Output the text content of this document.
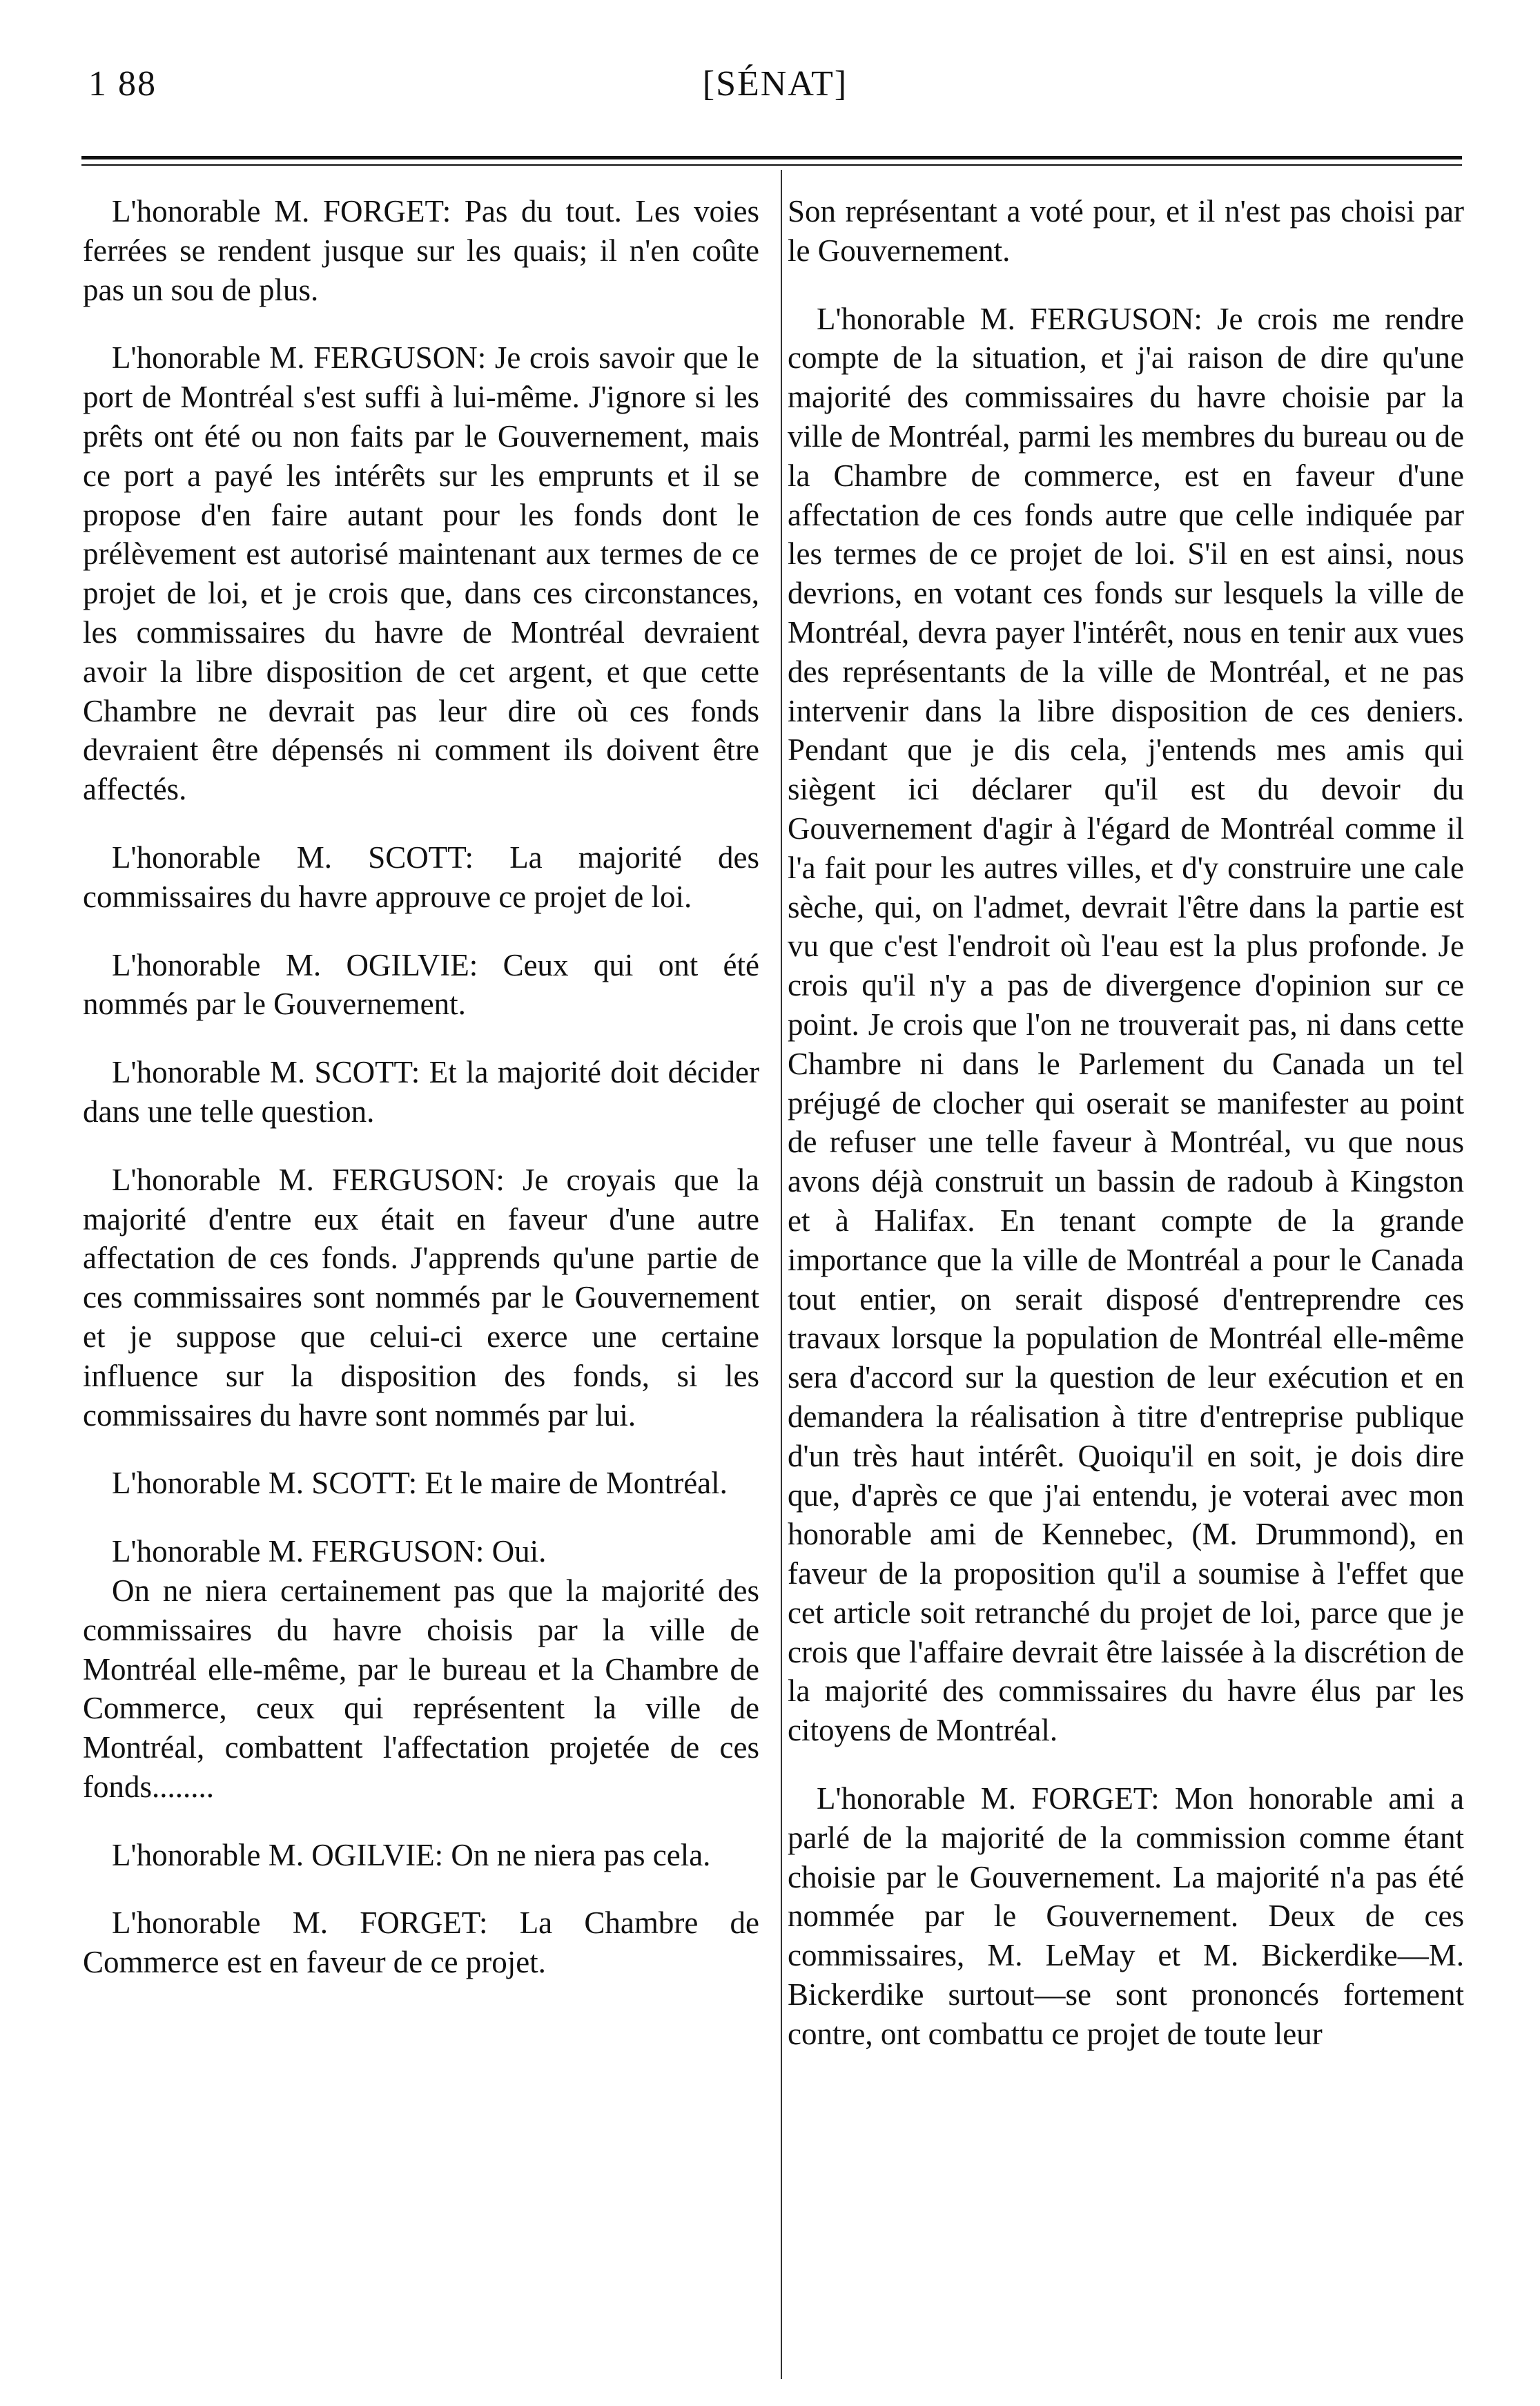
1 88	[SÉNAT]

L'honorable M. FORGET: Pas du tout. Les voies ferrées se rendent jusque sur les quais; il n'en coûte pas un sou de plus.

L'honorable M. FERGUSON: Je crois savoir que le port de Montréal s'est suffi à lui-même. J'ignore si les prêts ont été ou non faits par le Gouvernement, mais ce port a payé les intérêts sur les emprunts et il se propose d'en faire autant pour les fonds dont le prélèvement est autorisé maintenant aux termes de ce projet de loi, et je crois que, dans ces circonstances, les commissaires du havre de Montréal devraient avoir la libre disposition de cet argent, et que cette Chambre ne devrait pas leur dire où ces fonds devraient être dépensés ni comment ils doivent être affectés.

L'honorable M. SCOTT: La majorité des commissaires du havre approuve ce projet de loi.

L'honorable M. OGILVIE: Ceux qui ont été nommés par le Gouvernement.

L'honorable M. SCOTT: Et la majorité doit décider dans une telle question.

L'honorable M. FERGUSON: Je croyais que la majorité d'entre eux était en faveur d'une autre affectation de ces fonds. J'apprends qu'une partie de ces commissaires sont nommés par le Gouvernement et je suppose que celui-ci exerce une certaine influence sur la disposition des fonds, si les commissaires du havre sont nommés par lui.

L'honorable M. SCOTT: Et le maire de Montréal.

L'honorable M. FERGUSON: Oui.

On ne niera certainement pas que la majorité des commissaires du havre choisis par la ville de Montréal elle-même, par le bureau et la Chambre de Commerce, ceux qui représentent la ville de Montréal, combattent l'affectation projetée de ces fonds........

L'honorable M. OGILVIE: On ne niera pas cela.

L'honorable M. FORGET: La Chambre de Commerce est en faveur de ce projet.

Son représentant a voté pour, et il n'est pas choisi par le Gouvernement.

L'honorable M. FERGUSON: Je crois me rendre compte de la situation, et j'ai raison de dire qu'une majorité des commissaires du havre choisie par la ville de Montréal, parmi les membres du bureau ou de la Chambre de commerce, est en faveur d'une affectation de ces fonds autre que celle indiquée par les termes de ce projet de loi. S'il en est ainsi, nous devrions, en votant ces fonds sur lesquels la ville de Montréal, devra payer l'intérêt, nous en tenir aux vues des représentants de la ville de Montréal, et ne pas intervenir dans la libre disposition de ces deniers. Pendant que je dis cela, j'entends mes amis qui siègent ici déclarer qu'il est du devoir du Gouvernement d'agir à l'égard de Montréal comme il l'a fait pour les autres villes, et d'y construire une cale sèche, qui, on l'admet, devrait l'être dans la partie est vu que c'est l'endroit où l'eau est la plus profonde. Je crois qu'il n'y a pas de divergence d'opinion sur ce point. Je crois que l'on ne trouverait pas, ni dans cette Chambre ni dans le Parlement du Canada un tel préjugé de clocher qui oserait se manifester au point de refuser une telle faveur à Montréal, vu que nous avons déjà construit un bassin de radoub à Kingston et à Halifax. En tenant compte de la grande importance que la ville de Montréal a pour le Canada tout entier, on serait disposé d'entreprendre ces travaux lorsque la population de Montréal elle-même sera d'accord sur la question de leur exécution et en demandera la réalisation à titre d'entreprise publique d'un très haut intérêt. Quoiqu'il en soit, je dois dire que, d'après ce que j'ai entendu, je voterai avec mon honorable ami de Kennebec, (M. Drummond), en faveur de la proposition qu'il a soumise à l'effet que cet article soit retranché du projet de loi, parce que je crois que l'affaire devrait être laissée à la discrétion de la majorité des commissaires du havre élus par les citoyens de Montréal.

L'honorable M. FORGET: Mon honorable ami a parlé de la majorité de la commission comme étant choisie par le Gouvernement. La majorité n'a pas été nommée par le Gouvernement. Deux de ces commissaires, M. LeMay et M. Bickerdike—M. Bickerdike surtout—se sont prononcés fortement contre, ont combattu ce projet de toute leur
